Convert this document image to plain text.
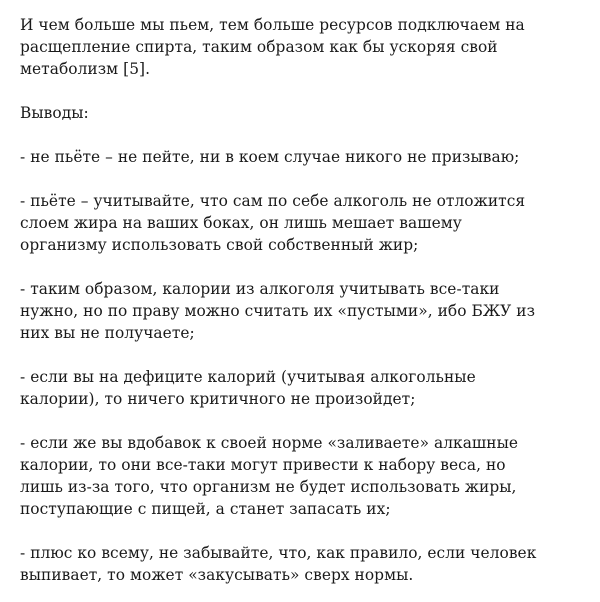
И чем больше мы пьем, тем больше ресурсов подключаем на
расщепление спирта, таким образом как бы ускоряя свой
метаболизм [5].

Выводы:

- не пьёте – не пейте, ни в коем случае никого не призываю;

- пьёте – учитывайте, что сам по себе алкоголь не отложится
слоем жира на ваших боках, он лишь мешает вашему
организму использовать свой собственный жир;

- таким образом, калории из алкоголя учитывать все-таки
нужно, но по праву можно считать их «пустыми», ибо БЖУ из
них вы не получаете;

- если вы на дефиците калорий (учитывая алкогольные
калории), то ничего критичного не произойдет;

- если же вы вдобавок к своей норме «заливаете» алкашные
калории, то они все-таки могут привести к набору веса, но
лишь из-за того, что организм не будет использовать жиры,
поступающие с пищей, а станет запасать их;

- плюс ко всему, не забывайте, что, как правило, если человек
выпивает, то может «закусывать» сверх нормы.
